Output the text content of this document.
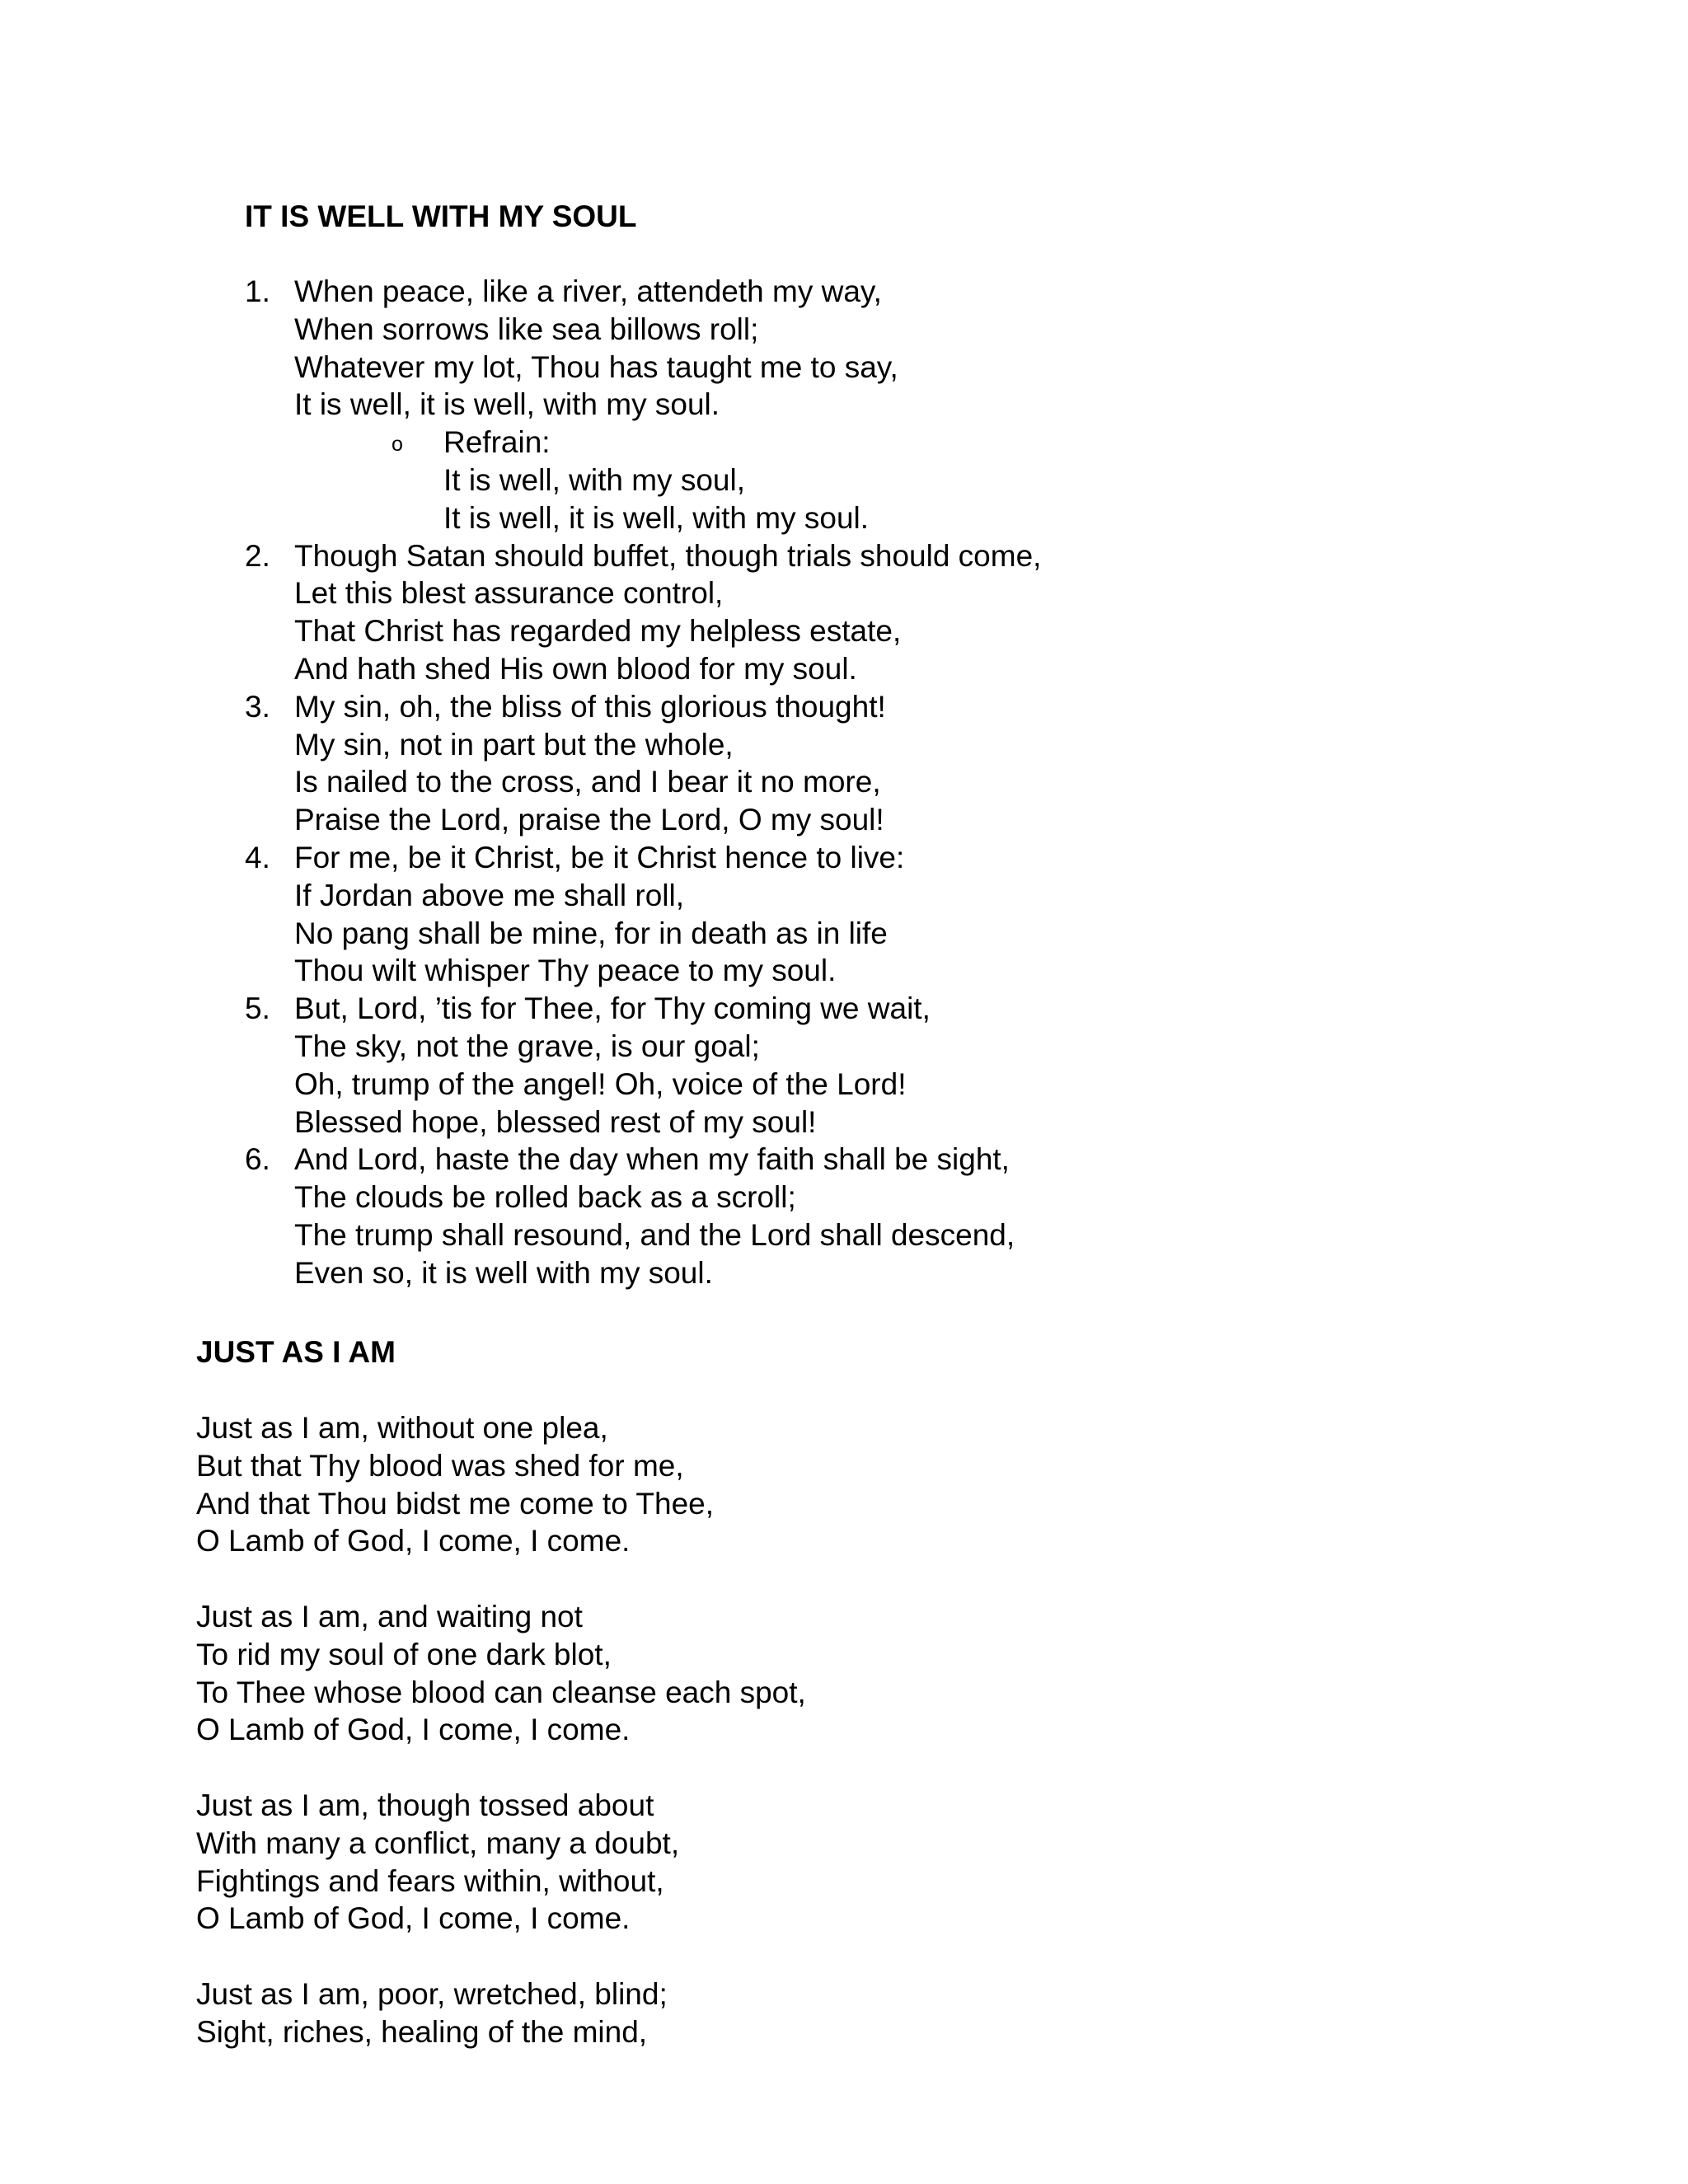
IT IS WELL WITH MY SOUL
1. When peace, like a river, attendeth my way,
When sorrows like sea billows roll;
Whatever my lot, Thou has taught me to say,
It is well, it is well, with my soul.
o Refrain:
It is well, with my soul,
It is well, it is well, with my soul.
2. Though Satan should buffet, though trials should come,
Let this blest assurance control,
That Christ has regarded my helpless estate,
And hath shed His own blood for my soul.
3. My sin, oh, the bliss of this glorious thought!
My sin, not in part but the whole,
Is nailed to the cross, and I bear it no more,
Praise the Lord, praise the Lord, O my soul!
4. For me, be it Christ, be it Christ hence to live:
If Jordan above me shall roll,
No pang shall be mine, for in death as in life
Thou wilt whisper Thy peace to my soul.
5. But, Lord, ’tis for Thee, for Thy coming we wait,
The sky, not the grave, is our goal;
Oh, trump of the angel! Oh, voice of the Lord!
Blessed hope, blessed rest of my soul!
6. And Lord, haste the day when my faith shall be sight,
The clouds be rolled back as a scroll;
The trump shall resound, and the Lord shall descend,
Even so, it is well with my soul.
JUST AS I AM
Just as I am, without one plea,
But that Thy blood was shed for me,
And that Thou bidst me come to Thee,
O Lamb of God, I come, I come.
Just as I am, and waiting not
To rid my soul of one dark blot,
To Thee whose blood can cleanse each spot,
O Lamb of God, I come, I come.
Just as I am, though tossed about
With many a conflict, many a doubt,
Fightings and fears within, without,
O Lamb of God, I come, I come.
Just as I am, poor, wretched, blind;
Sight, riches, healing of the mind,
